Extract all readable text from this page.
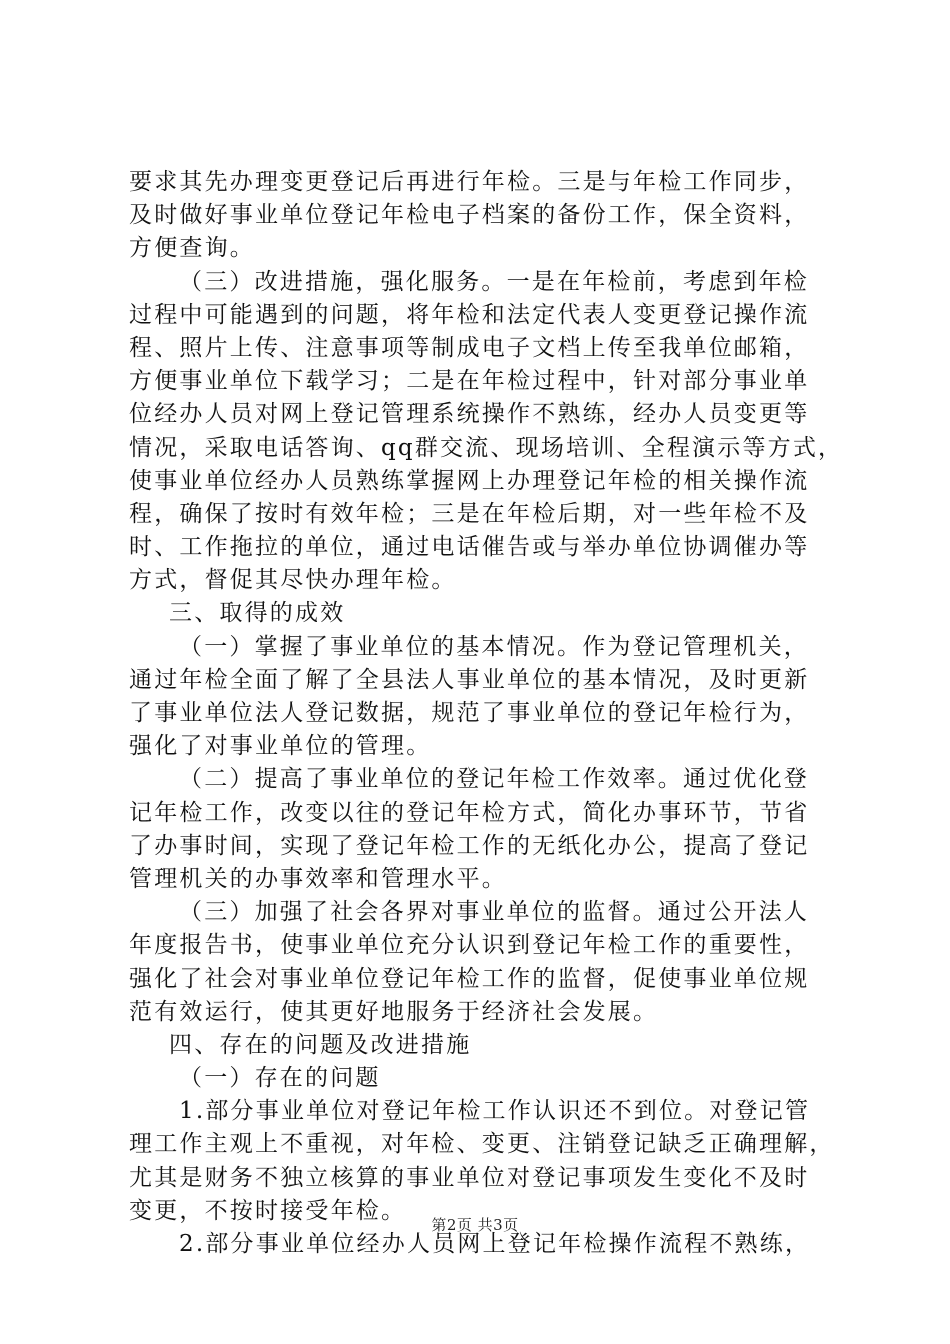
要求其先办理变更登记后再进行年检。三是与年检工作同步，
及时做好事业单位登记年检电子档案的备份工作，保全资料，
方便查询。
（三）改进措施，强化服务。一是在年检前，考虑到年检
过程中可能遇到的问题，将年检和法定代表人变更登记操作流
程、照片上传、注意事项等制成电子文档上传至我单位邮箱，
方便事业单位下载学习；二是在年检过程中，针对部分事业单
位经办人员对网上登记管理系统操作不熟练，经办人员变更等
情况，采取电话答询、qq群交流、现场培训、全程演示等方式，
使事业单位经办人员熟练掌握网上办理登记年检的相关操作流
程，确保了按时有效年检；三是在年检后期，对一些年检不及
时、工作拖拉的单位，通过电话催告或与举办单位协调催办等
方式，督促其尽快办理年检。
三、取得的成效
（一）掌握了事业单位的基本情况。作为登记管理机关，
通过年检全面了解了全县法人事业单位的基本情况，及时更新
了事业单位法人登记数据，规范了事业单位的登记年检行为，
强化了对事业单位的管理。
（二）提高了事业单位的登记年检工作效率。通过优化登
记年检工作，改变以往的登记年检方式，简化办事环节，节省
了办事时间，实现了登记年检工作的无纸化办公，提高了登记
管理机关的办事效率和管理水平。
（三）加强了社会各界对事业单位的监督。通过公开法人
年度报告书，使事业单位充分认识到登记年检工作的重要性，
强化了社会对事业单位登记年检工作的监督，促使事业单位规
范有效运行，使其更好地服务于经济社会发展。
四、存在的问题及改进措施
（一）存在的问题
1.部分事业单位对登记年检工作认识还不到位。对登记管
理工作主观上不重视，对年检、变更、注销登记缺乏正确理解，
尤其是财务不独立核算的事业单位对登记事项发生变化不及时
变更，不按时接受年检。
2.部分事业单位经办人员网上登记年检操作流程不熟练，
第2页 共3页
